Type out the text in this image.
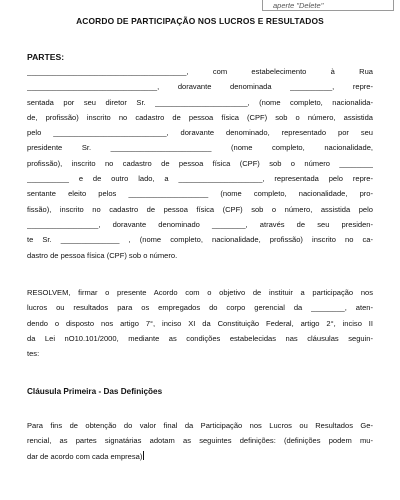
aperte "Delete"
ACORDO DE PARTICIPAÇÃO NOS LUCROS E RESULTADOS
PARTES:
______________________________________, com estabelecimento à Rua
_______________________________, doravante denominada __________, repre-
sentada por seu diretor Sr. ______________________, (nome completo, nacionalida-
de, profissão) inscrito no cadastro de pessoa física (CPF) sob o número, assistida
pelo ___________________________, doravante denominado, representado por seu
presidente Sr. ________________________ (nome completo, nacionalidade,
profissão), inscrito no cadastro de pessoa física (CPF) sob o número ________
__________ e de outro lado, a ____________________, representada pelo repre-
sentante eleito pelos ___________________ (nome completo, nacionalidade, pro-
fissão), inscrito no cadastro de pessoa física (CPF) sob o número, assistida pelo
_________________, doravante denominado ________, através de seu presiden-
te Sr. ______________ , (nome completo, nacionalidade, profissão) inscrito no ca-
dastro de pessoa física (CPF) sob o número.
RESOLVEM, firmar o presente Acordo com o objetivo de instituir a participação nos
lucros ou resultados para os empregados do corpo gerencial da ________, aten-
dendo o disposto nos artigo 7°, inciso XI da Constituição Federal, artigo 2°, inciso II
da Lei nO10.101/2000, mediante as condições estabelecidas nas cláusulas seguin-
tes:
Cláusula Primeira - Das Definições
Para fins de obtenção do valor final da Participação nos Lucros ou Resultados Ge-
rencial, as partes signatárias adotam as seguintes definições: (definições podem mu-
dar de acordo com cada empresa)
